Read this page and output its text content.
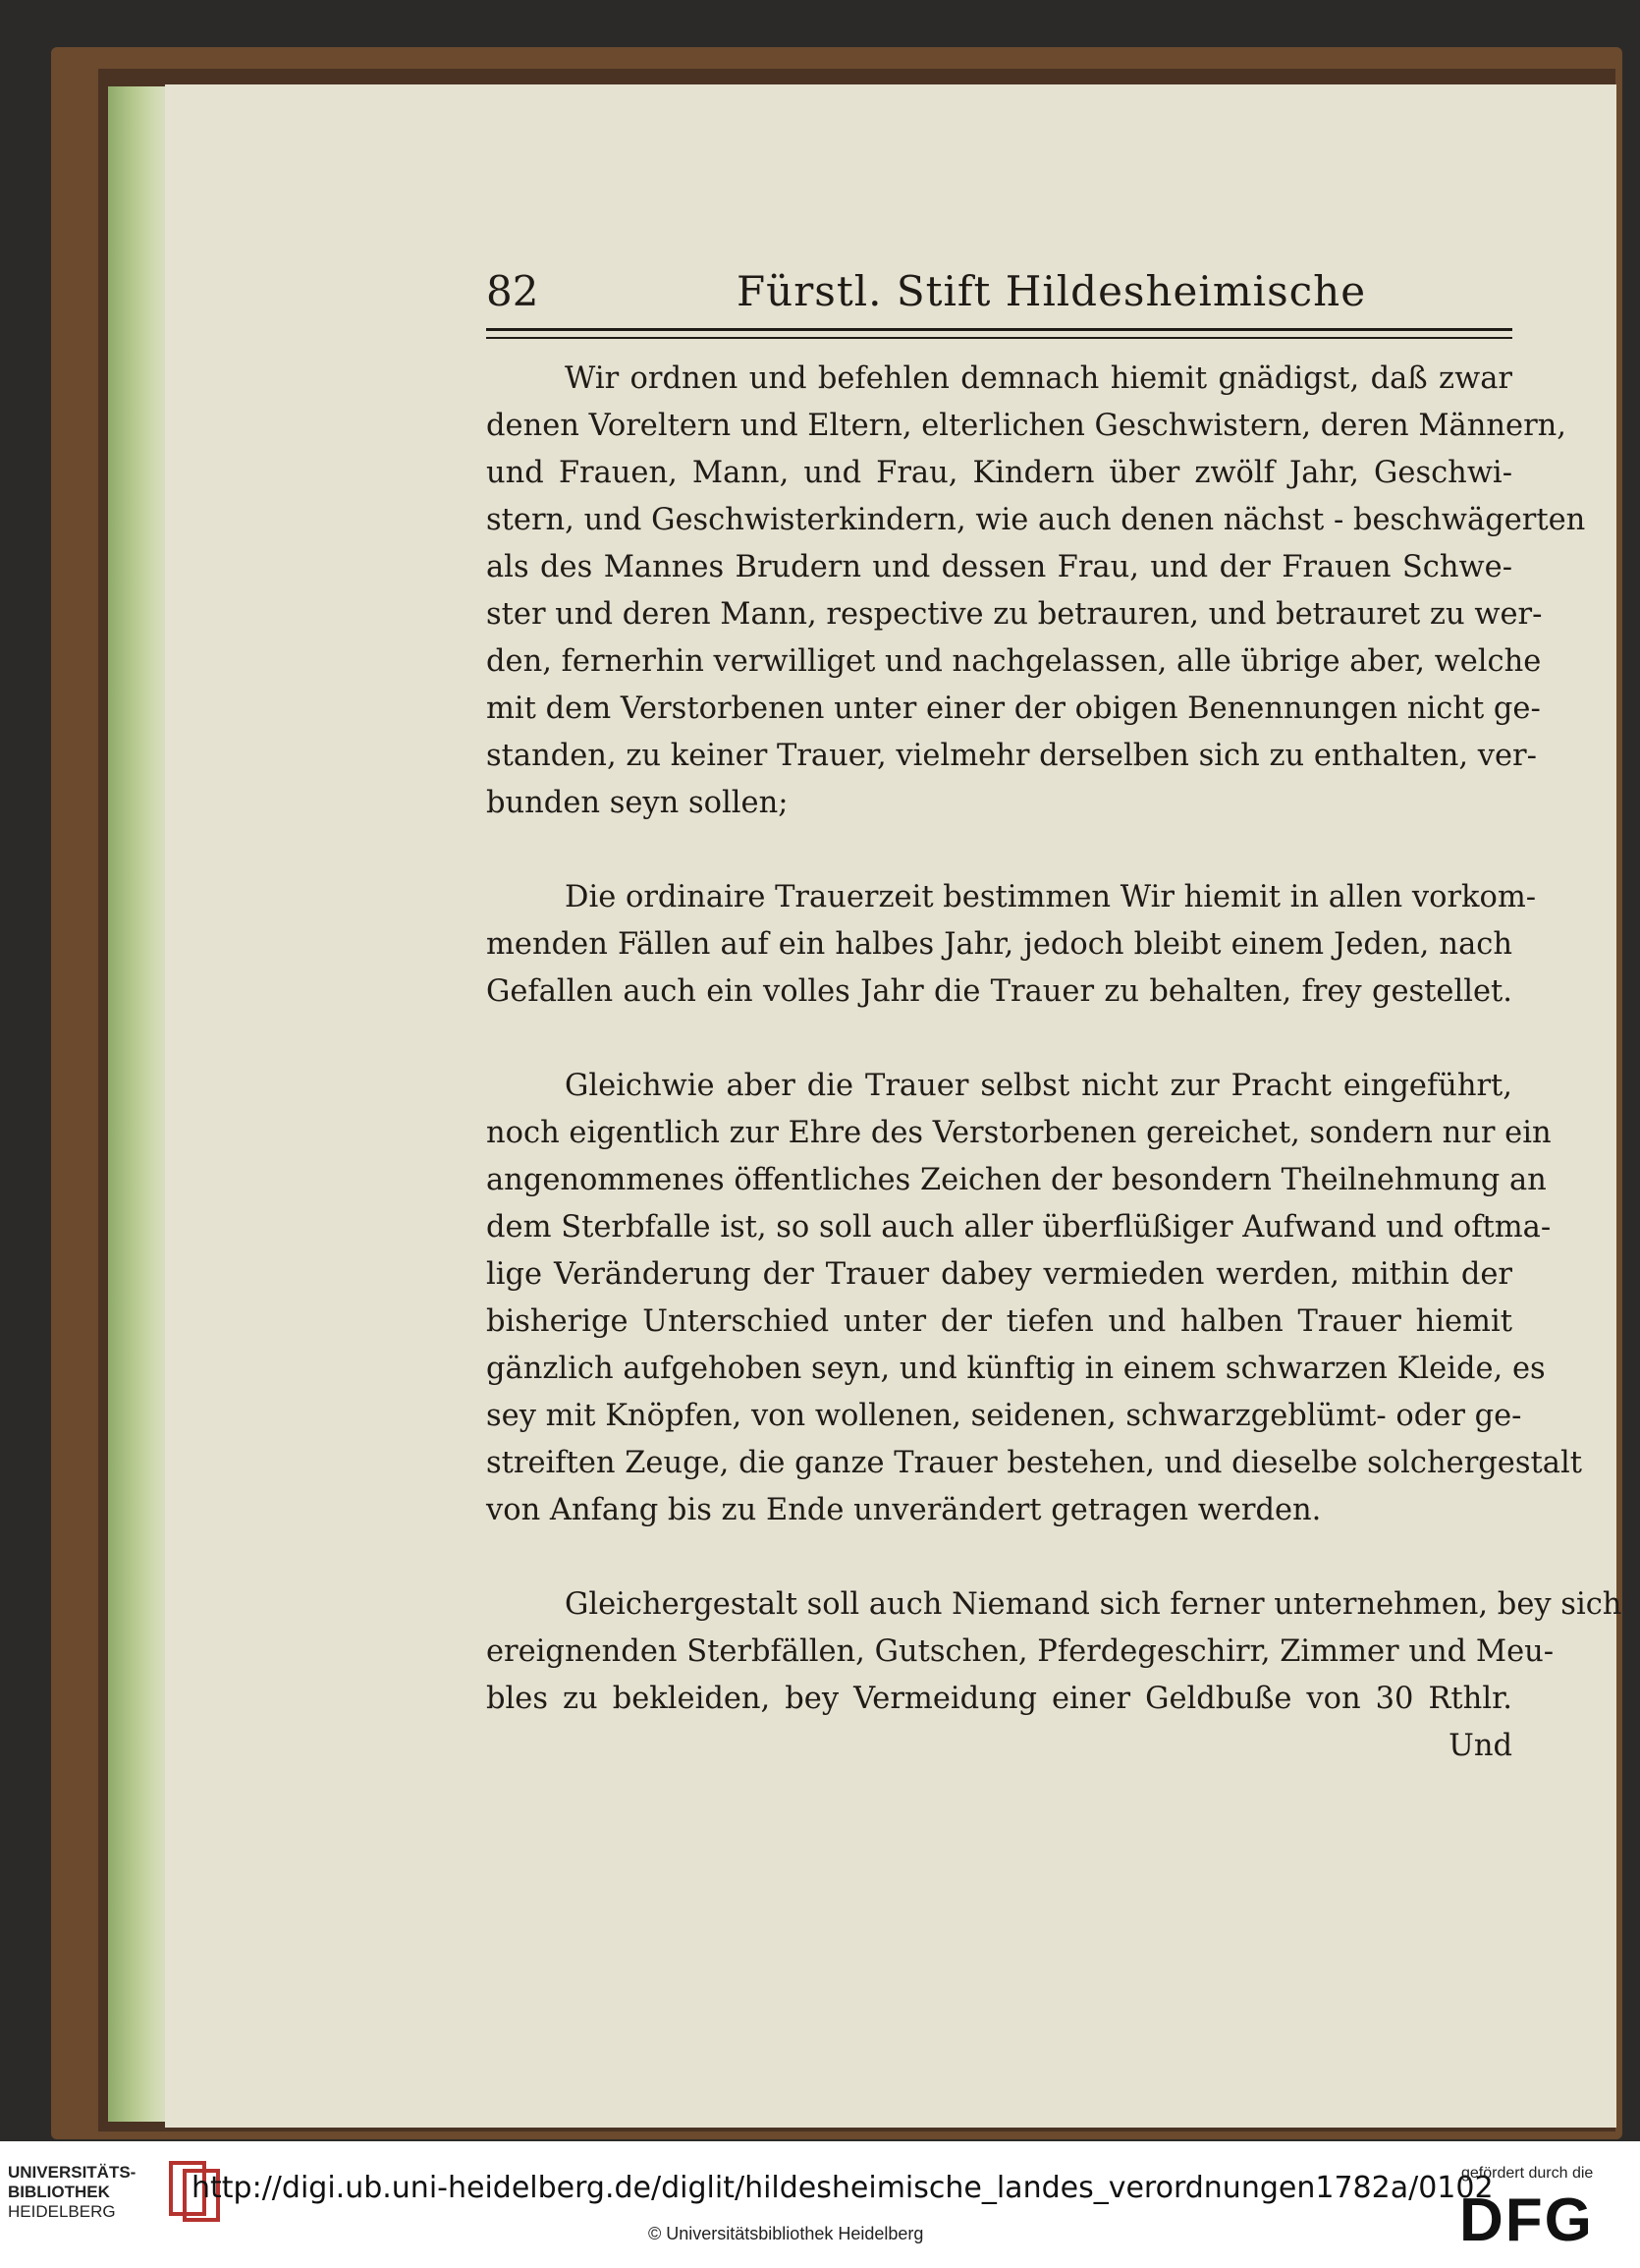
82	Fürstl. Stift Hildesheimische
Wir ordnen und befehlen demnach hiemit gnädigst, daß zwar
denen Voreltern und Eltern, elterlichen Geschwistern, deren Männern,
und Frauen, Mann, und Frau, Kindern über zwölf Jahr, Geschwi-
stern, und Geschwisterkindern, wie auch denen nächst - beschwägerten
als des Mannes Brudern und dessen Frau, und der Frauen Schwe-
ster und deren Mann, respective zu betrauren, und betrauret zu wer-
den, fernerhin verwilliget und nachgelassen, alle übrige aber, welche
mit dem Verstorbenen unter einer der obigen Benennungen nicht ge-
standen, zu keiner Trauer, vielmehr derselben sich zu enthalten, ver-
bunden seyn sollen;
Die ordinaire Trauerzeit bestimmen Wir hiemit in allen vorkom-
menden Fällen auf ein halbes Jahr, jedoch bleibt einem Jeden, nach
Gefallen auch ein volles Jahr die Trauer zu behalten, frey gestellet.
Gleichwie aber die Trauer selbst nicht zur Pracht eingeführt,
noch eigentlich zur Ehre des Verstorbenen gereichet, sondern nur ein
angenommenes öffentliches Zeichen der besondern Theilnehmung an
dem Sterbfalle ist, so soll auch aller überflüßiger Aufwand und oftma-
lige Veränderung der Trauer dabey vermieden werden, mithin der
bisherige Unterschied unter der tiefen und halben Trauer hiemit
gänzlich aufgehoben seyn, und künftig in einem schwarzen Kleide, es
sey mit Knöpfen, von wollenen, seidenen, schwarzgeblümt- oder ge-
streiften Zeuge, die ganze Trauer bestehen, und dieselbe solchergestalt
von Anfang bis zu Ende unverändert getragen werden.
Gleichergestalt soll auch Niemand sich ferner unternehmen, bey sich
ereignenden Sterbfällen, Gutschen, Pferdegeschirr, Zimmer und Meu-
bles zu bekleiden, bey Vermeidung einer Geldbuße von 30 Rthlr.
Und
UNIVERSITÄTS-
BIBLIOTHEK
HEIDELBERG
http://digi.ub.uni-heidelberg.de/diglit/hildesheimische_landes_verordnungen1782a/0102
© Universitätsbibliothek Heidelberg
gefördert durch die
DFG
